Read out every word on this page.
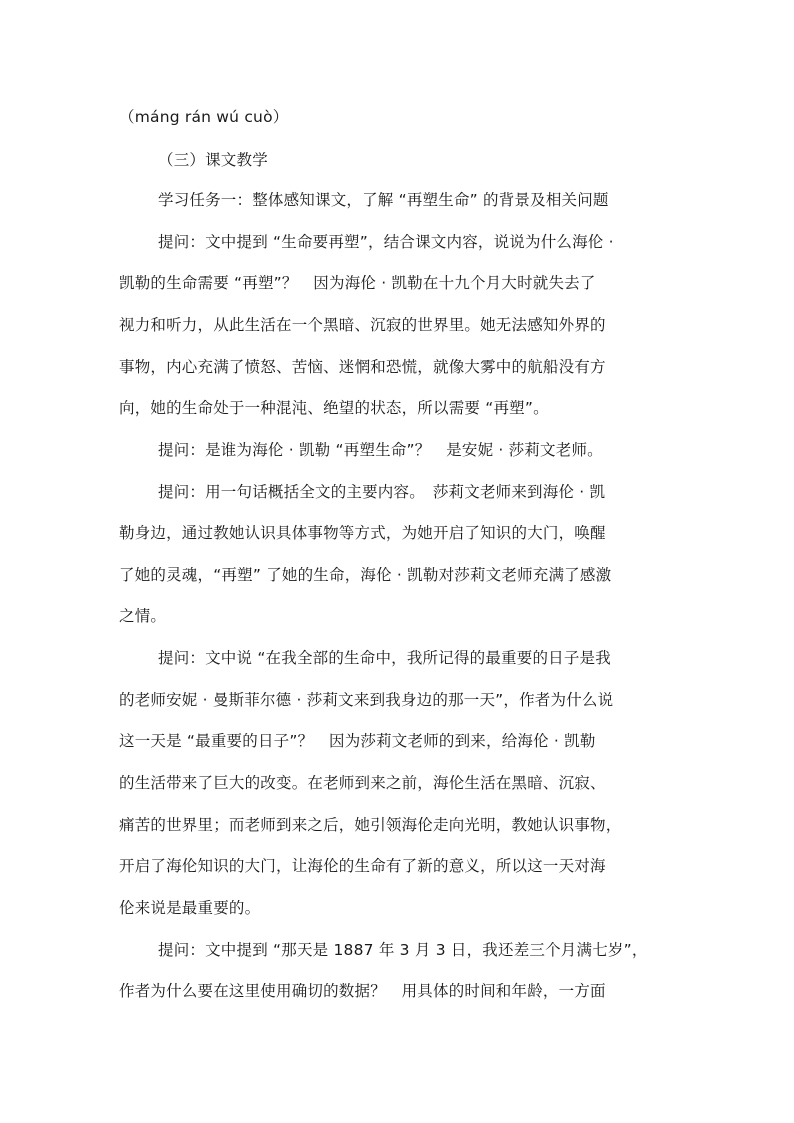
（máng rán wú cuò）
（三）课文教学
学习任务一：整体感知课文，了解 “再塑生命” 的背景及相关问题
提问：文中提到 “生命要再塑”，结合课文内容，说说为什么海伦 ·
凯勒的生命需要 “再塑”？　因为海伦 · 凯勒在十九个月大时就失去了
视力和听力，从此生活在一个黑暗、沉寂的世界里。她无法感知外界的
事物，内心充满了愤怒、苦恼、迷惘和恐慌，就像大雾中的航船没有方
向，她的生命处于一种混沌、绝望的状态，所以需要 “再塑”。
提问：是谁为海伦 · 凯勒 “再塑生命”？　是安妮 · 莎莉文老师。
提问：用一句话概括全文的主要内容。　莎莉文老师来到海伦 · 凯
勒身边，通过教她认识具体事物等方式，为她开启了知识的大门，唤醒
了她的灵魂，“再塑” 了她的生命，海伦 · 凯勒对莎莉文老师充满了感激
之情。
提问：文中说 “在我全部的生命中，我所记得的最重要的日子是我
的老师安妮 · 曼斯菲尔德 · 莎莉文来到我身边的那一天”，作者为什么说
这一天是 “最重要的日子”？　因为莎莉文老师的到来，给海伦 · 凯勒
的生活带来了巨大的改变。在老师到来之前，海伦生活在黑暗、沉寂、
痛苦的世界里；而老师到来之后，她引领海伦走向光明，教她认识事物，
开启了海伦知识的大门，让海伦的生命有了新的意义，所以这一天对海
伦来说是最重要的。
提问：文中提到 “那天是 1887 年 3 月 3 日，我还差三个月满七岁”，
作者为什么要在这里使用确切的数据？　用具体的时间和年龄，一方面
